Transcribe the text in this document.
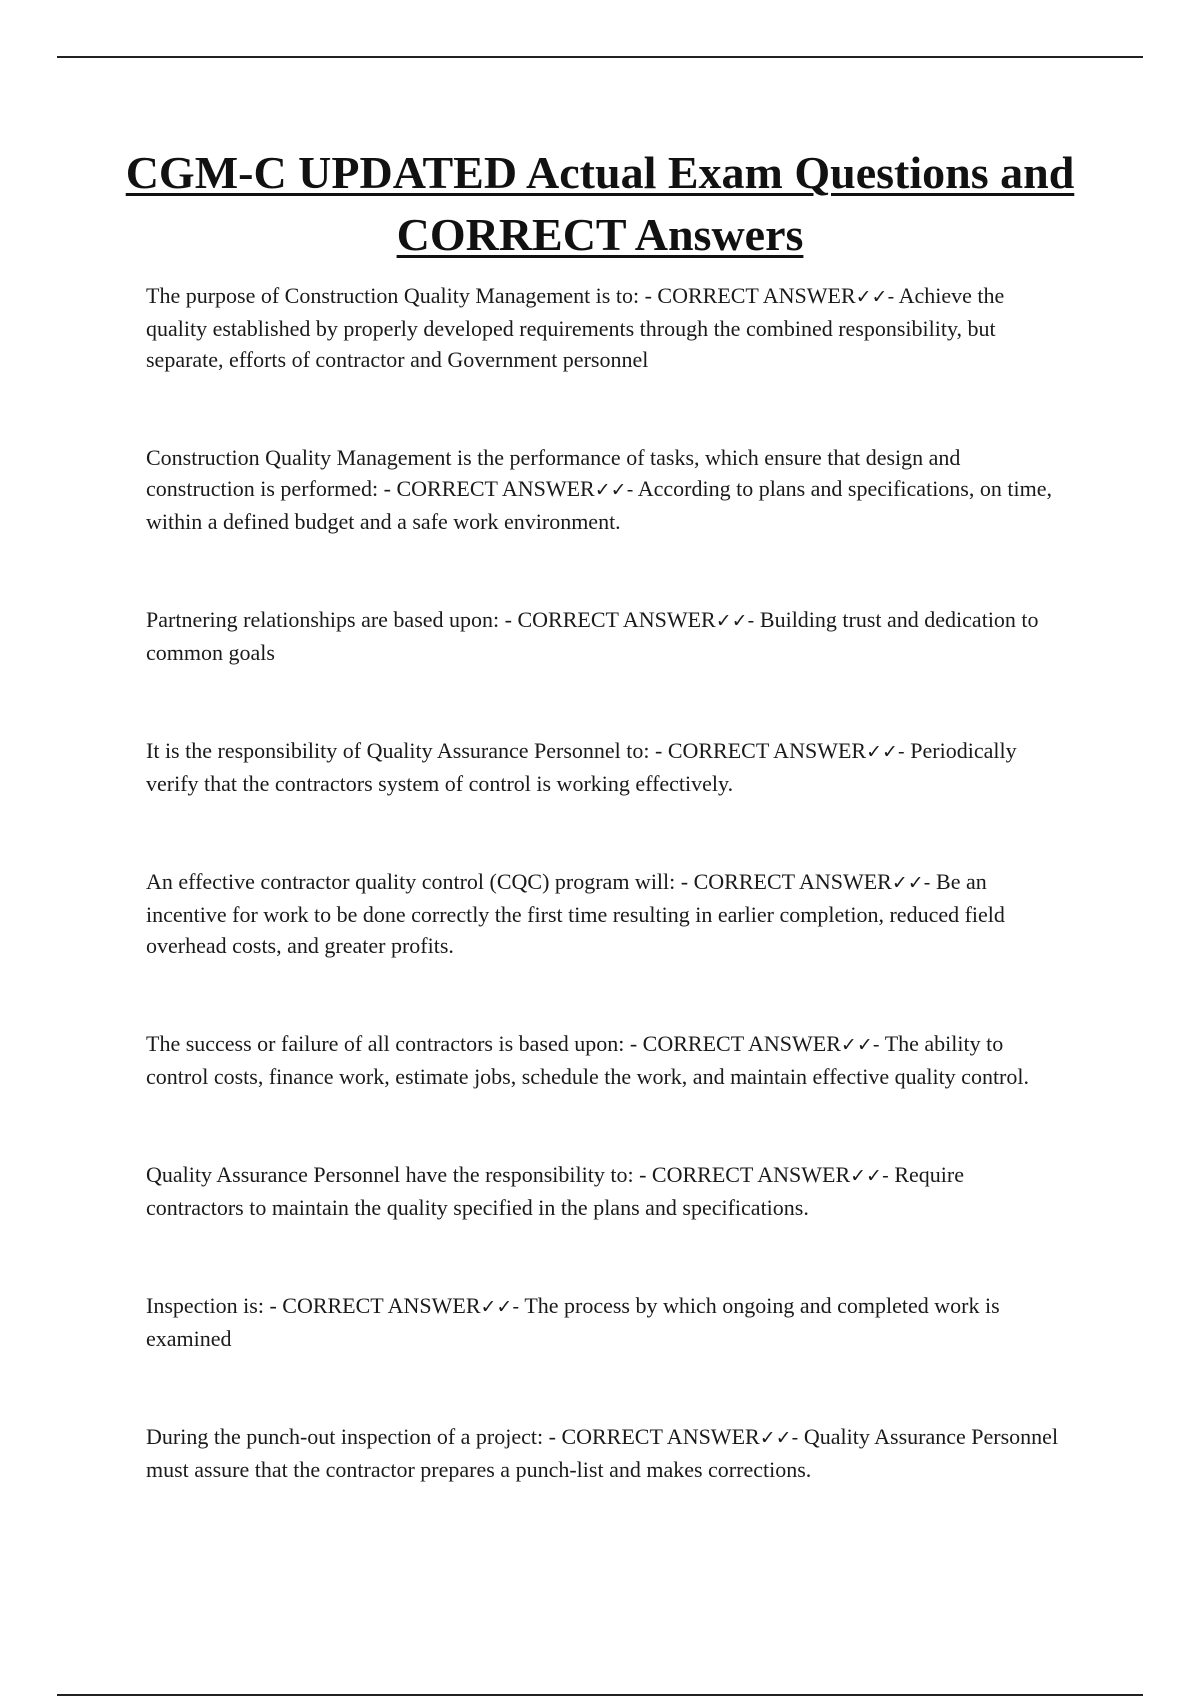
CGM-C UPDATED Actual Exam Questions and CORRECT Answers
The purpose of Construction Quality Management is to: - CORRECT ANSWER✓✓- Achieve the quality established by properly developed requirements through the combined responsibility, but separate, efforts of contractor and Government personnel
Construction Quality Management is the performance of tasks, which ensure that design and construction is performed: - CORRECT ANSWER✓✓- According to plans and specifications, on time, within a defined budget and a safe work environment.
Partnering relationships are based upon: - CORRECT ANSWER✓✓- Building trust and dedication to common goals
It is the responsibility of Quality Assurance Personnel to: - CORRECT ANSWER✓✓- Periodically verify that the contractors system of control is working effectively.
An effective contractor quality control (CQC) program will: - CORRECT ANSWER✓✓- Be an incentive for work to be done correctly the first time resulting in earlier completion, reduced field overhead costs, and greater profits.
The success or failure of all contractors is based upon: - CORRECT ANSWER✓✓- The ability to control costs, finance work, estimate jobs, schedule the work, and maintain effective quality control.
Quality Assurance Personnel have the responsibility to: - CORRECT ANSWER✓✓- Require contractors to maintain the quality specified in the plans and specifications.
Inspection is: - CORRECT ANSWER✓✓- The process by which ongoing and completed work is examined
During the punch-out inspection of a project: - CORRECT ANSWER✓✓- Quality Assurance Personnel must assure that the contractor prepares a punch-list and makes corrections.
